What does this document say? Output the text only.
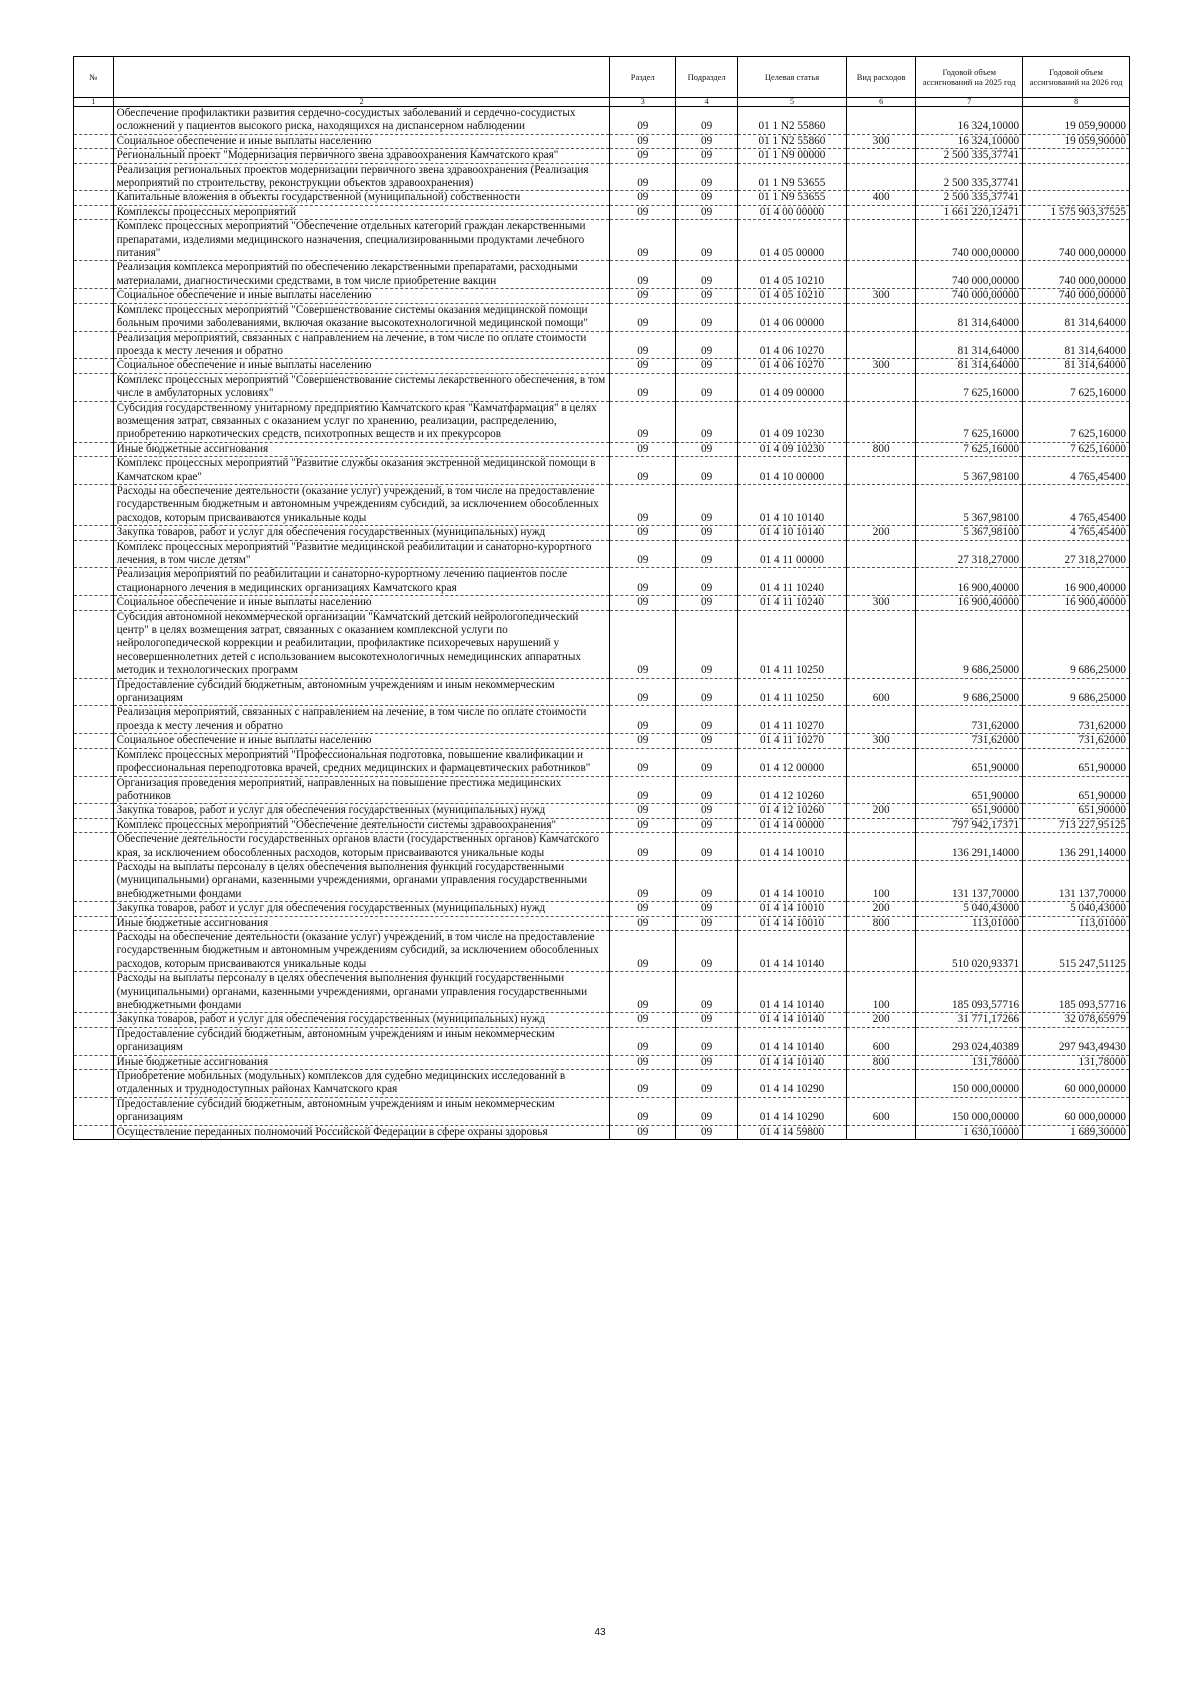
№		Раздел	Подраздел	Целевая статья	Вид расходов	Годовой объем ассигнований на 2025 год	Годовой объем ассигнований на 2026 год
1	2	3	4	5	6	7	8
	Обеспечение профилактики развития сердечно-сосудистых заболеваний и сердечно-сосудистых осложнений у пациентов высокого риска, находящихся на диспансерном наблюдении	09	09	01 1 N2 55860		16 324,10000	19 059,90000
	Социальное обеспечение и иные выплаты населению	09	09	01 1 N2 55860	300	16 324,10000	19 059,90000
	Региональный проект "Модернизация первичного звена здравоохранения Камчатского края"	09	09	01 1 N9 00000		2 500 335,37741	
	Реализация региональных проектов модернизации первичного звена здравоохранения (Реализация мероприятий по строительству, реконструкции объектов здравоохранения)	09	09	01 1 N9 53655		2 500 335,37741	
	Капитальные вложения в объекты государственной (муниципальной) собственности	09	09	01 1 N9 53655	400	2 500 335,37741	
	Комплексы процессных мероприятий	09	09	01 4 00 00000		1 661 220,12471	1 575 903,37525
	Комплекс процессных мероприятий "Обеспечение отдельных категорий граждан лекарственными препаратами, изделиями медицинского назначения, специализированными продуктами лечебного питания"	09	09	01 4 05 00000		740 000,00000	740 000,00000
	Реализация комплекса мероприятий по обеспечению лекарственными препаратами, расходными материалами, диагностическими средствами, в том числе приобретение вакцин	09	09	01 4 05 10210		740 000,00000	740 000,00000
	Социальное обеспечение и иные выплаты населению	09	09	01 4 05 10210	300	740 000,00000	740 000,00000
	Комплекс процессных мероприятий "Совершенствование системы оказания медицинской помощи больным прочими заболеваниями, включая оказание высокотехнологичной медицинской помощи"	09	09	01 4 06 00000		81 314,64000	81 314,64000
	Реализация мероприятий, связанных с направлением на лечение, в том числе по оплате стоимости проезда к месту лечения и обратно	09	09	01 4 06 10270		81 314,64000	81 314,64000
	Социальное обеспечение и иные выплаты населению	09	09	01 4 06 10270	300	81 314,64000	81 314,64000
	Комплекс процессных мероприятий "Совершенствование системы лекарственного обеспечения, в том числе в амбулаторных условиях"	09	09	01 4 09 00000		7 625,16000	7 625,16000
	Субсидия государственному унитарному предприятию Камчатского края "Камчатфармация" в целях возмещения затрат, связанных с оказанием услуг по хранению, реализации, распределению, приобретению наркотических средств, психотропных веществ и их прекурсоров	09	09	01 4 09 10230		7 625,16000	7 625,16000
	Иные бюджетные ассигнования	09	09	01 4 09 10230	800	7 625,16000	7 625,16000
	Комплекс процессных мероприятий "Развитие службы оказания экстренной медицинской помощи в Камчатском крае"	09	09	01 4 10 00000		5 367,98100	4 765,45400
	Расходы на обеспечение деятельности (оказание услуг) учреждений, в том числе на предоставление государственным бюджетным и автономным учреждениям субсидий, за исключением обособленных расходов, которым присваиваются уникальные коды	09	09	01 4 10 10140		5 367,98100	4 765,45400
	Закупка товаров, работ и услуг для обеспечения государственных (муниципальных) нужд	09	09	01 4 10 10140	200	5 367,98100	4 765,45400
	Комплекс процессных мероприятий "Развитие медицинской реабилитации и санаторно-курортного лечения, в том числе детям"	09	09	01 4 11 00000		27 318,27000	27 318,27000
	Реализация мероприятий по реабилитации и санаторно-курортному лечению пациентов после стационарного лечения в медицинских организациях Камчатского края	09	09	01 4 11 10240		16 900,40000	16 900,40000
	Социальное обеспечение и иные выплаты населению	09	09	01 4 11 10240	300	16 900,40000	16 900,40000
	Субсидия автономной некоммерческой организации "Камчатский детский нейрологопедический центр" в целях возмещения затрат, связанных с оказанием комплексной услуги по нейрологопедической коррекции и реабилитации, профилактике психоречевых нарушений у несовершеннолетних детей с использованием высокотехнологичных немедицинских аппаратных методик и технологических программ	09	09	01 4 11 10250		9 686,25000	9 686,25000
	Предоставление субсидий бюджетным, автономным учреждениям и иным некоммерческим организациям	09	09	01 4 11 10250	600	9 686,25000	9 686,25000
	Реализация мероприятий, связанных с направлением на лечение, в том числе по оплате стоимости проезда к месту лечения и обратно	09	09	01 4 11 10270		731,62000	731,62000
	Социальное обеспечение и иные выплаты населению	09	09	01 4 11 10270	300	731,62000	731,62000
	Комплекс процессных мероприятий "Профессиональная подготовка, повышение квалификации и профессиональная переподготовка врачей, средних медицинских и фармацевтических работников"	09	09	01 4 12 00000		651,90000	651,90000
	Организация проведения мероприятий, направленных на повышение престижа медицинских работников	09	09	01 4 12 10260		651,90000	651,90000
	Закупка товаров, работ и услуг для обеспечения государственных (муниципальных) нужд	09	09	01 4 12 10260	200	651,90000	651,90000
	Комплекс процессных мероприятий "Обеспечение деятельности системы здравоохранения"	09	09	01 4 14 00000		797 942,17371	713 227,95125
	Обеспечение деятельности государственных органов власти (государственных органов) Камчатского края, за исключением обособленных расходов, которым присваиваются уникальные коды	09	09	01 4 14 10010		136 291,14000	136 291,14000
	Расходы на выплаты персоналу в целях обеспечения выполнения функций государственными (муниципальными) органами, казенными учреждениями, органами управления государственными внебюджетными фондами	09	09	01 4 14 10010	100	131 137,70000	131 137,70000
	Закупка товаров, работ и услуг для обеспечения государственных (муниципальных) нужд	09	09	01 4 14 10010	200	5 040,43000	5 040,43000
	Иные бюджетные ассигнования	09	09	01 4 14 10010	800	113,01000	113,01000
	Расходы на обеспечение деятельности (оказание услуг) учреждений, в том числе на предоставление государственным бюджетным и автономным учреждениям субсидий, за исключением обособленных расходов, которым присваиваются уникальные коды	09	09	01 4 14 10140		510 020,93371	515 247,51125
	Расходы на выплаты персоналу в целях обеспечения выполнения функций государственными (муниципальными) органами, казенными учреждениями, органами управления государственными внебюджетными фондами	09	09	01 4 14 10140	100	185 093,57716	185 093,57716
	Закупка товаров, работ и услуг для обеспечения государственных (муниципальных) нужд	09	09	01 4 14 10140	200	31 771,17266	32 078,65979
	Предоставление субсидий бюджетным, автономным учреждениям и иным некоммерческим организациям	09	09	01 4 14 10140	600	293 024,40389	297 943,49430
	Иные бюджетные ассигнования	09	09	01 4 14 10140	800	131,78000	131,78000
	Приобретение мобильных (модульных) комплексов для судебно медицинских исследований в отдаленных и труднодоступных районах Камчатского края	09	09	01 4 14 10290		150 000,00000	60 000,00000
	Предоставление субсидий бюджетным, автономным учреждениям и иным некоммерческим организациям	09	09	01 4 14 10290	600	150 000,00000	60 000,00000
	Осуществление переданных полномочий Российской Федерации в сфере охраны здоровья	09	09	01 4 14 59800		1 630,10000	1 689,30000
43
